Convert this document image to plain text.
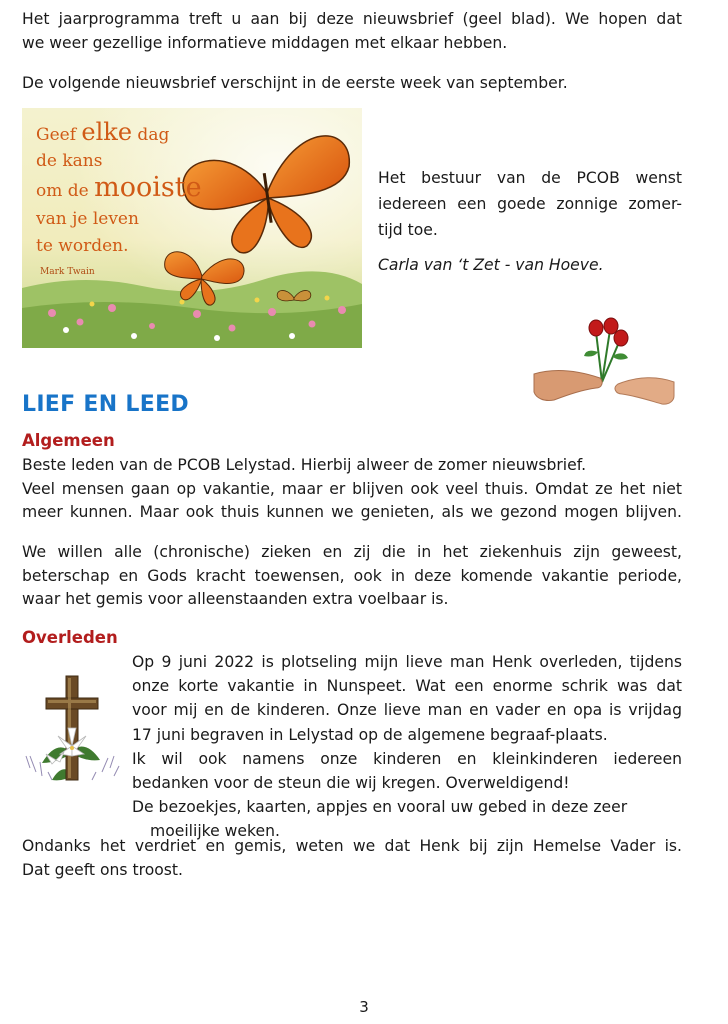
Het jaarprogramma treft u aan bij deze nieuwsbrief (geel blad). We hopen dat
we weer gezellige informatieve middagen met elkaar hebben.

De volgende nieuwsbrief verschijnt in de eerste week van september.

Geef elke dag
de kans
om de mooiste
van je leven
te worden.
Mark Twain
Het bestuur van de PCOB wenst
iedereen een goede zonnige zomer-
tijd toe.
Carla van ‘t Zet - van Hoeve.
LIEF EN LEED
Algemeen

Beste leden van de PCOB Lelystad. Hierbij alweer de zomer nieuwsbrief.
Veel mensen gaan op vakantie, maar er blijven ook veel thuis. Omdat ze het niet
meer kunnen. Maar ook thuis kunnen we genieten, als we gezond mogen blijven.

We willen alle (chronische) zieken en zij die in het ziekenhuis zijn geweest,
beterschap en Gods kracht toewensen, ook in deze komende vakantie periode,
waar het gemis voor alleenstaanden extra voelbaar is.

Overleden
Op 9 juni 2022 is plotseling mijn lieve man Henk overleden, tijdens
onze korte vakantie in Nunspeet. Wat een enorme schrik was dat
voor mij en de kinderen. Onze lieve man en vader en opa is vrijdag
17 juni begraven in Lelystad op de algemene begraaf-plaats.
Ik wil ook namens onze kinderen en kleinkinderen iedereen
bedanken voor de steun die wij kregen. Overweldigend!
De bezoekjes, kaarten, appjes en vooral uw gebed in deze zeer
moeilijke weken.

Ondanks het verdriet en gemis, weten we dat Henk bij zijn Hemelse Vader is.
Dat geeft ons troost.

3
